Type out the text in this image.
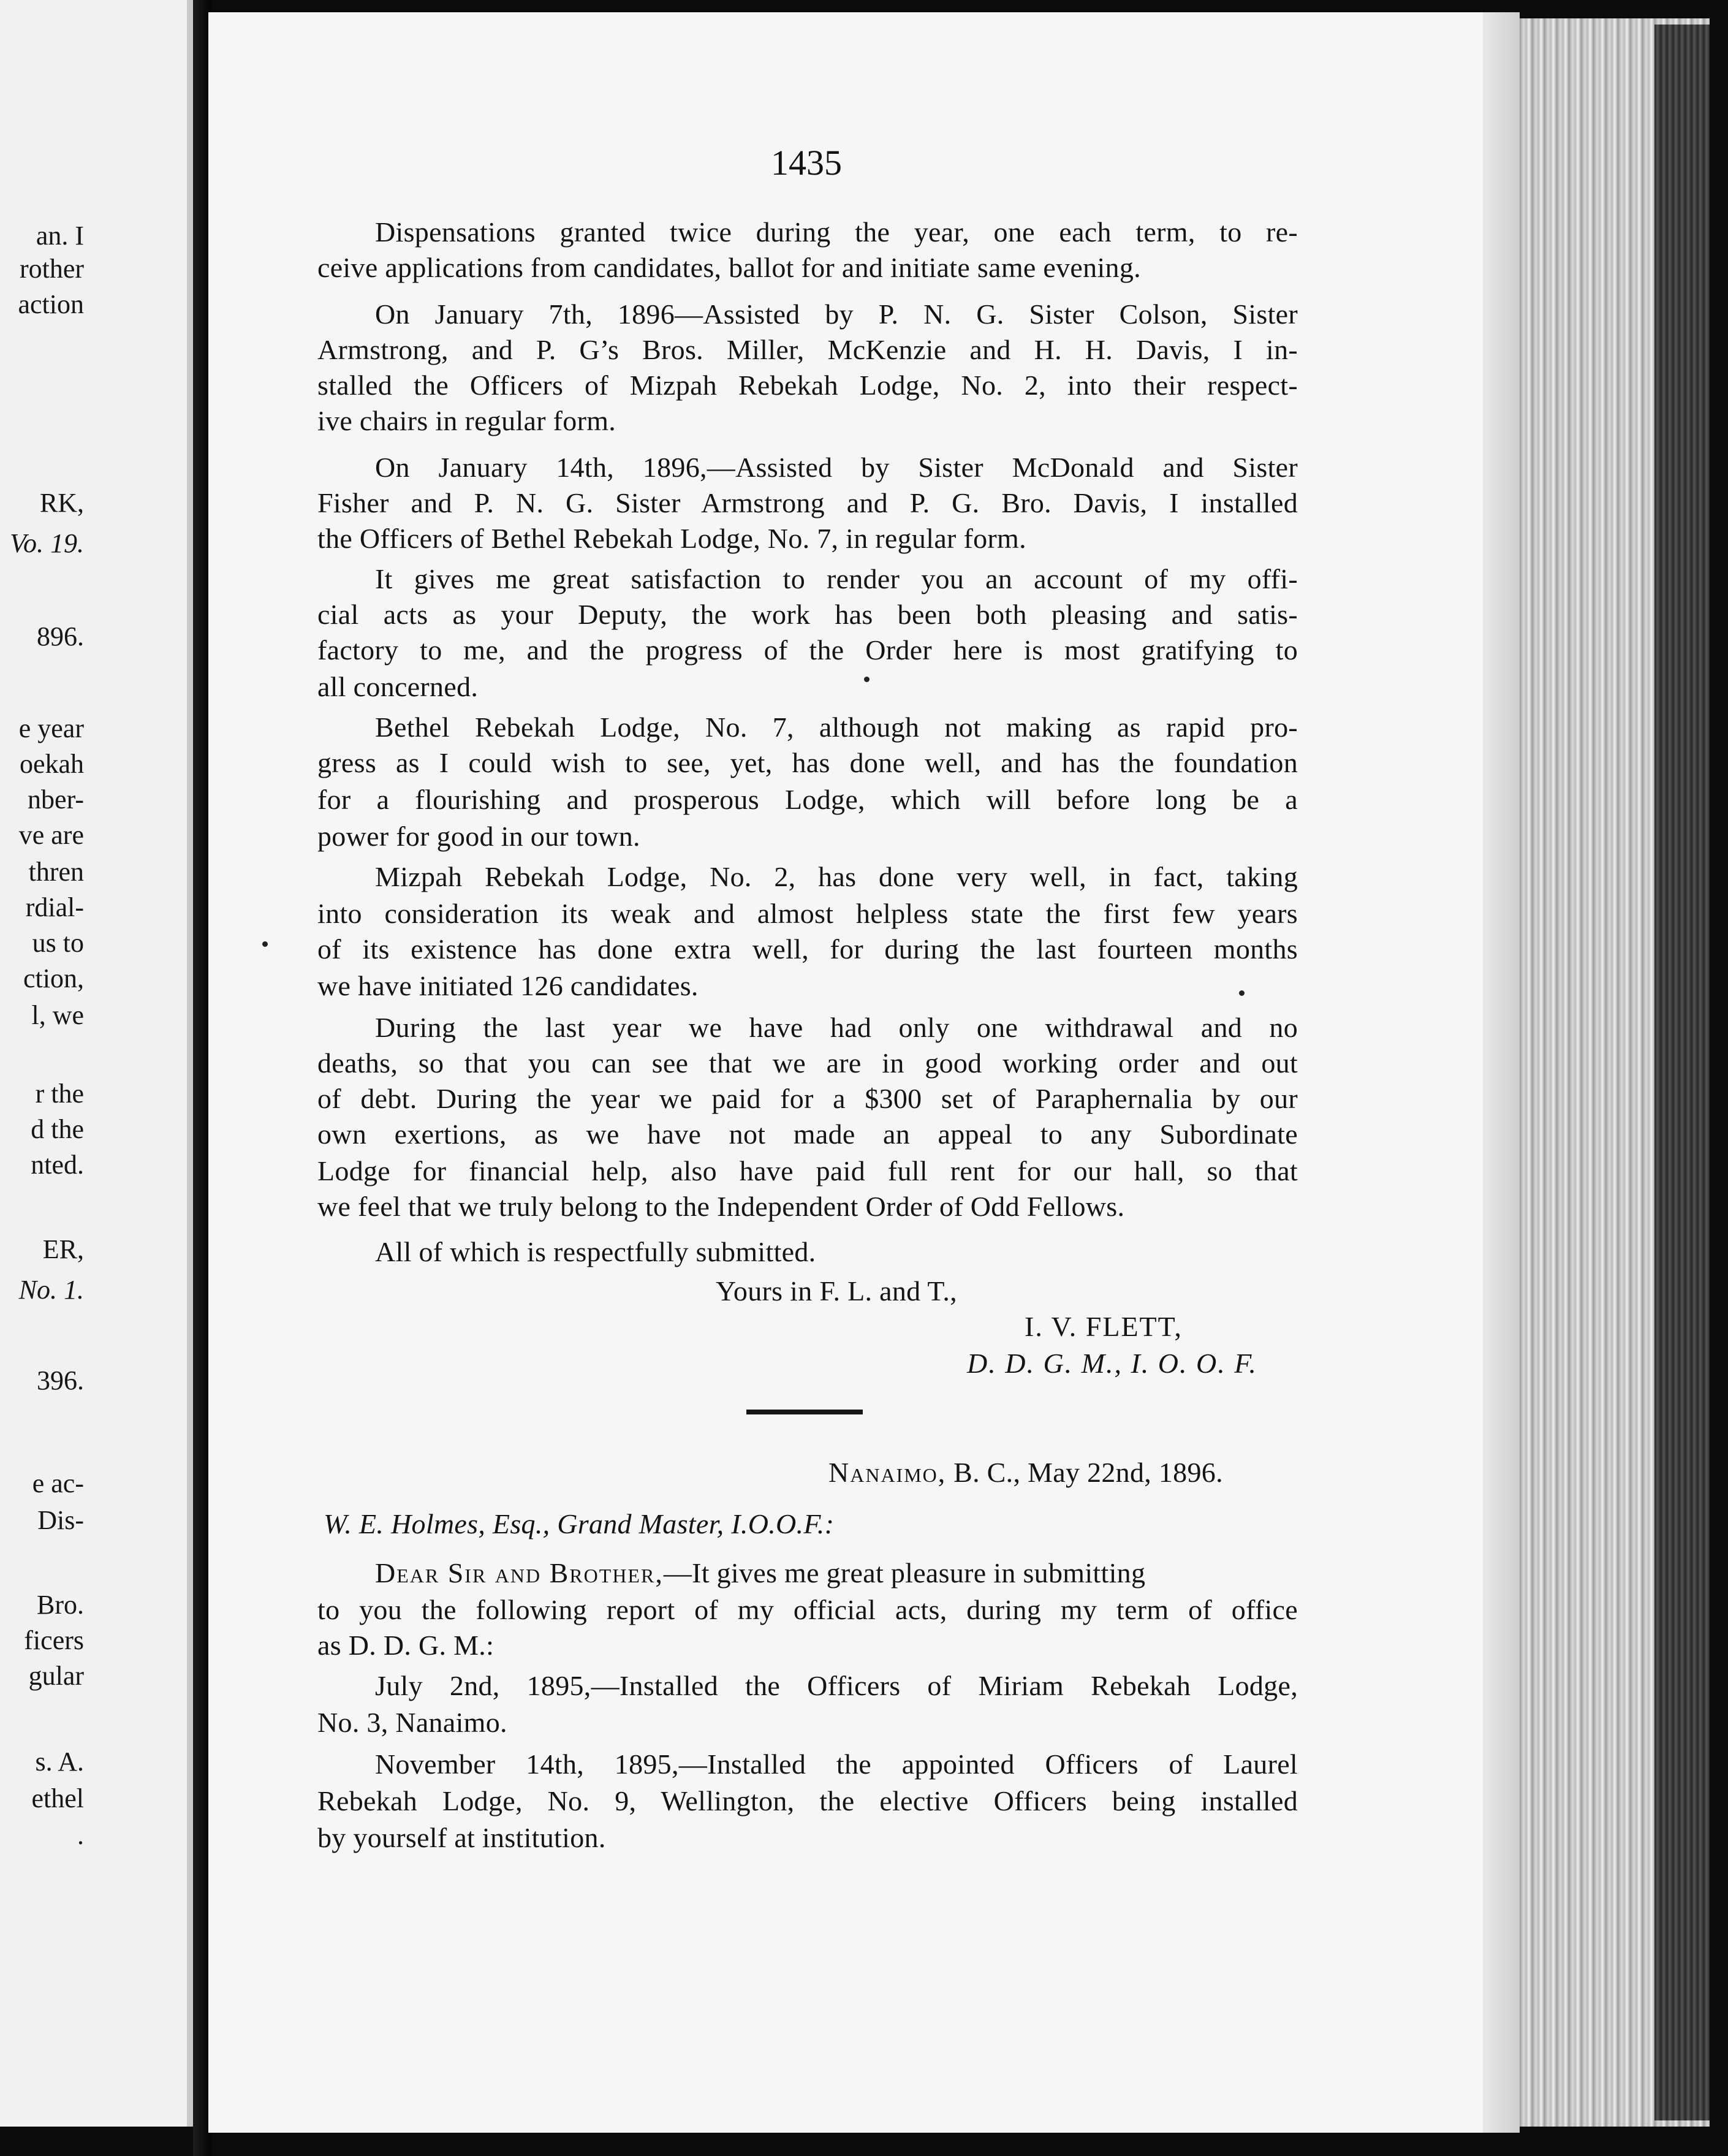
an. I
rother
action
RK,
Vo. 19.
896.
e year
oekah
nber-
ve are
thren
rdial-
us to
ction,
l, we
r the
d the
nted.
ER,
No. 1.
396.
e ac-
Dis-
Bro.
ficers
gular
s. A.
ethel
.
1435

Dispensations granted twice during the year, one each term, to re-

ceive applications from candidates, ballot for and initiate same evening.

On January 7th, 1896—Assisted by P. N. G. Sister Colson, Sister

Armstrong, and P. G’s Bros. Miller, McKenzie and H. H. Davis, I in-

stalled the Officers of Mizpah Rebekah Lodge, No. 2, into their respect-

ive chairs in regular form.

On January 14th, 1896,—Assisted by Sister McDonald and Sister

Fisher and P. N. G. Sister Armstrong and P. G. Bro. Davis, I installed

the Officers of Bethel Rebekah Lodge, No. 7, in regular form.

It gives me great satisfaction to render you an account of my offi-

cial acts as your Deputy, the work has been both pleasing and satis-

factory to me, and the progress of the Order here is most gratifying to

all concerned.

Bethel Rebekah Lodge, No. 7, although not making as rapid pro-

gress as I could wish to see, yet, has done well, and has the foundation

for a flourishing and prosperous Lodge, which will before long be a

power for good in our town.

Mizpah Rebekah Lodge, No. 2, has done very well, in fact, taking

into consideration its weak and almost helpless state the first few years

of its existence has done extra well, for during the last fourteen months

we have initiated 126 candidates.

During the last year we have had only one withdrawal and no

deaths, so that you can see that we are in good working order and out

of debt. During the year we paid for a $300 set of Paraphernalia by our

own exertions, as we have not made an appeal to any Subordinate

Lodge for financial help, also have paid full rent for our hall, so that

we feel that we truly belong to the Independent Order of Odd Fellows.

All of which is respectfully submitted.

Yours in F. L. and T.,

I. V. FLETT,

D. D. G. M., I. O. O. F.

Nanaimo, B. C., May 22nd, 1896.

W. E. Holmes, Esq., Grand Master, I.O.O.F.:

Dear Sir and Brother,—It gives me great pleasure in submitting

to you the following report of my official acts, during my term of office

as D. D. G. M.:

July 2nd, 1895,—Installed the Officers of Miriam Rebekah Lodge,

No. 3, Nanaimo.

November 14th, 1895,—Installed the appointed Officers of Laurel

Rebekah Lodge, No. 9, Wellington, the elective Officers being installed

by yourself at institution.
